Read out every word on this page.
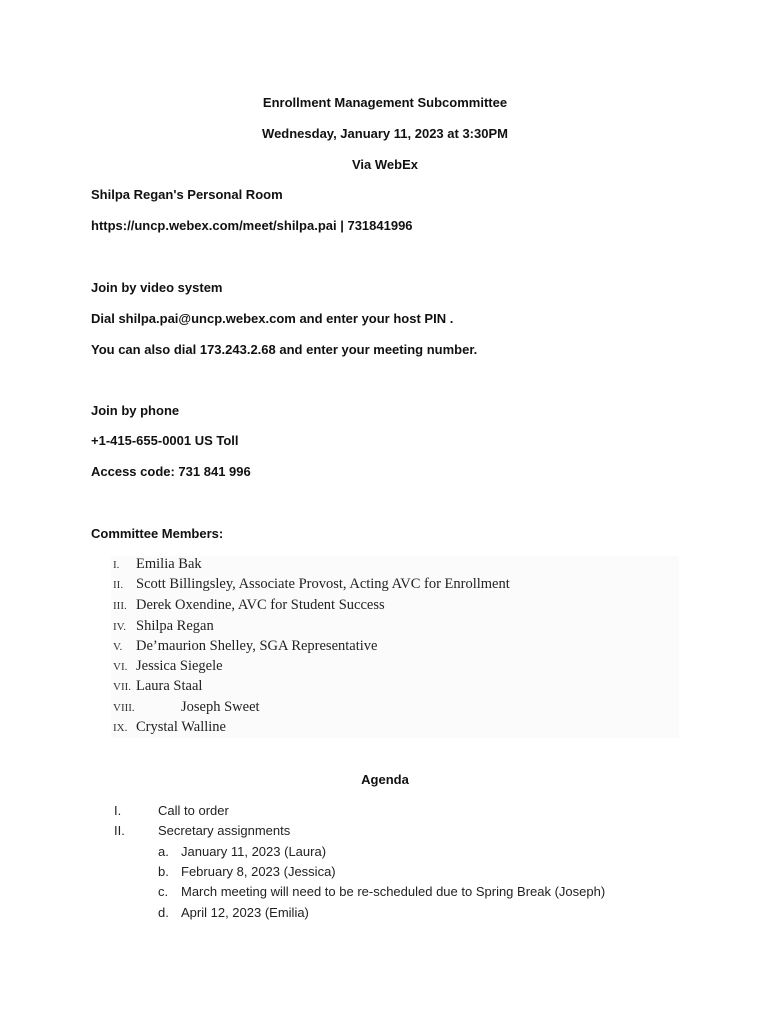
Enrollment Management Subcommittee
Wednesday, January 11, 2023 at 3:30PM
Via WebEx
Shilpa Regan's Personal Room
https://uncp.webex.com/meet/shilpa.pai | 731841996
Join by video system
Dial shilpa.pai@uncp.webex.com and enter your host PIN .
You can also dial 173.243.2.68 and enter your meeting number.
Join by phone
+1-415-655-0001 US Toll
Access code: 731 841 996
Committee Members:
I. Emilia Bak
II. Scott Billingsley, Associate Provost, Acting AVC for Enrollment
III. Derek Oxendine, AVC for Student Success
IV. Shilpa Regan
V. De’maurion Shelley, SGA Representative
VI. Jessica Siegele
VII. Laura Staal
VIII.	Joseph Sweet
IX. Crystal Walline
Agenda
I.	Call to order
II.	Secretary assignments
a. January 11, 2023 (Laura)
b. February 8, 2023 (Jessica)
c. March meeting will need to be re-scheduled due to Spring Break (Joseph)
d. April 12, 2023 (Emilia)
